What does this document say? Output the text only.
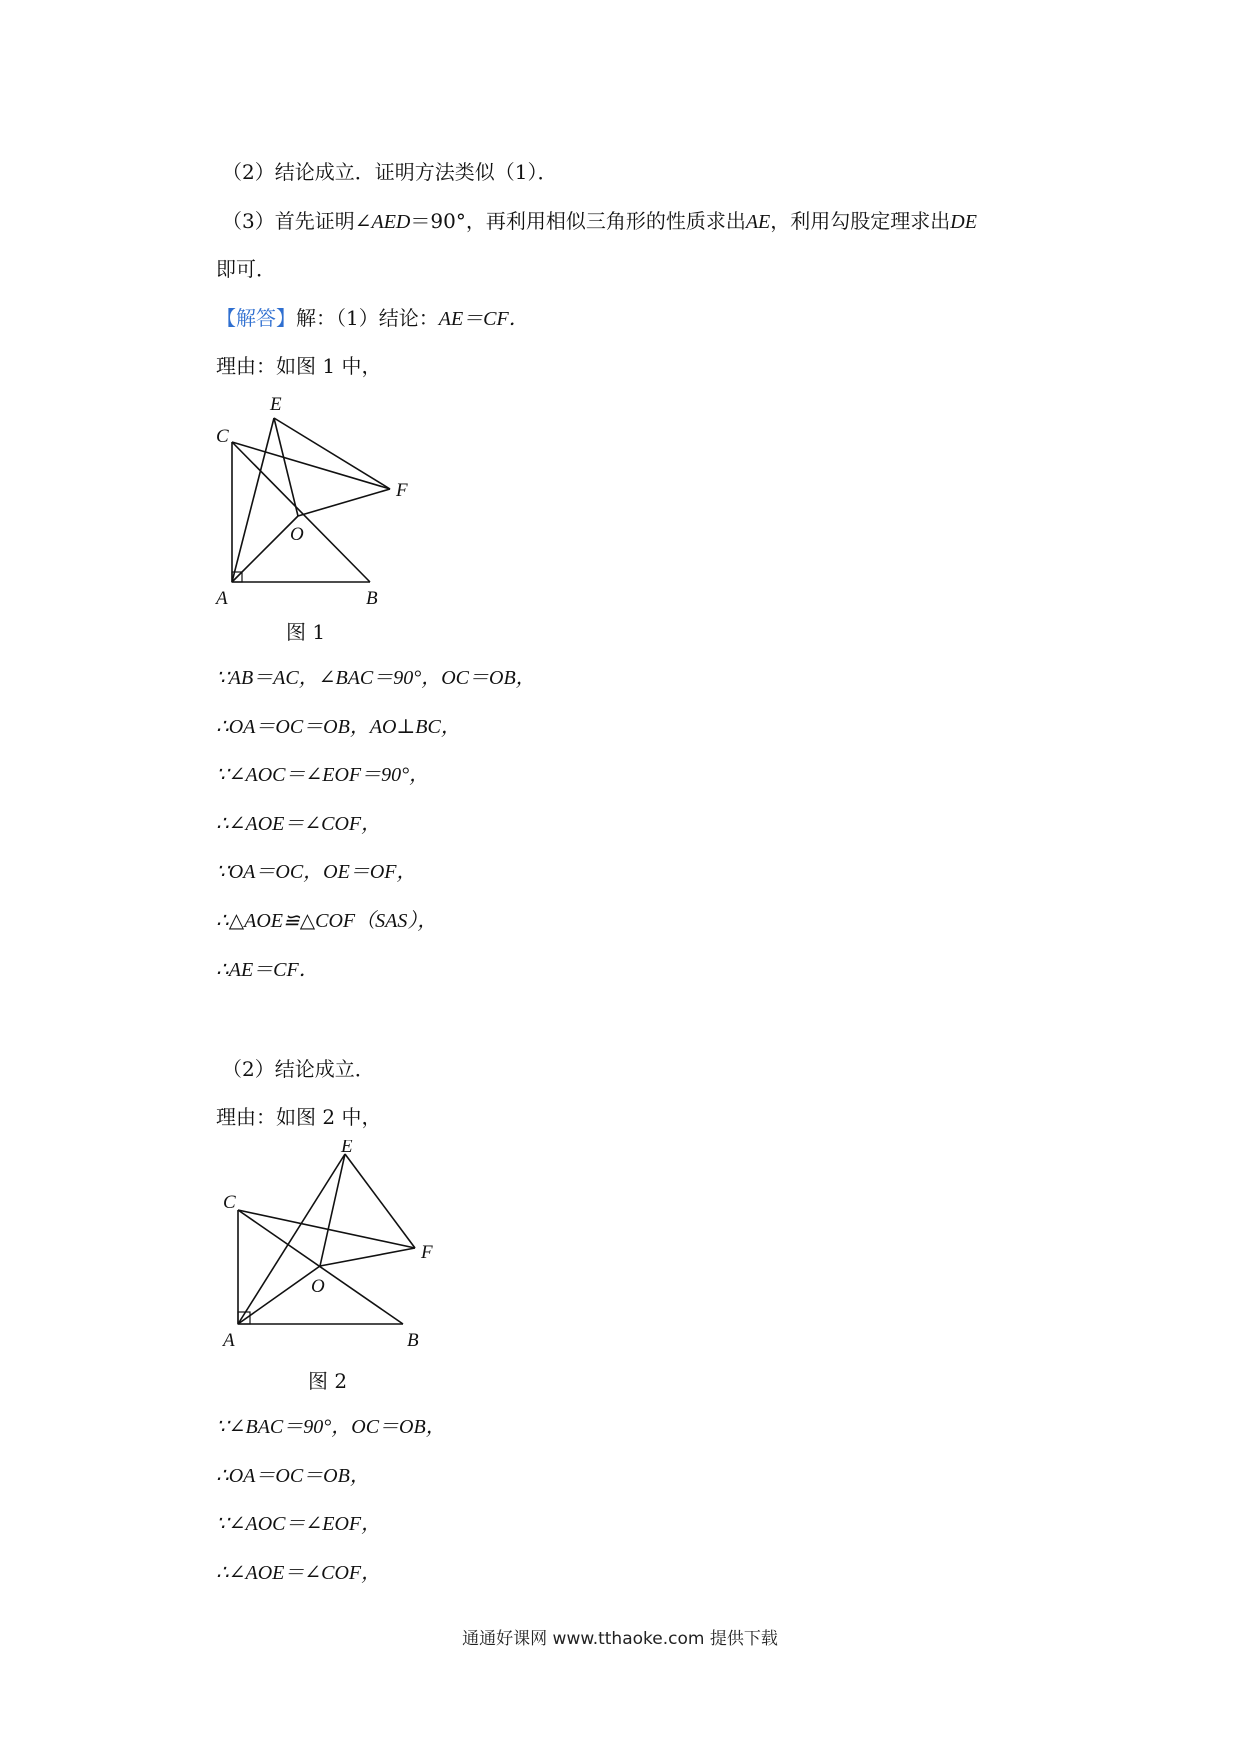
（2）结论成立．证明方法类似（1）．
（3）首先证明∠AED＝90°，再利用相似三角形的性质求出AE，利用勾股定理求出DE
即可．
【解答】解：（1）结论：AE＝CF．
理由：如图 1 中，
A	B
C
E
F
O
图 1
∵AB＝AC，∠BAC＝90°，OC＝OB，
∴OA＝OC＝OB，AO⊥BC，
∵∠AOC＝∠EOF＝90°，
∴∠AOE＝∠COF，
∵OA＝OC，OE＝OF，
∴△AOE≌△COF（SAS），
∴AE＝CF．
（2）结论成立．
理由：如图 2 中，
A	B
C
E
F
O
图 2
∵∠BAC＝90°，OC＝OB，
∴OA＝OC＝OB，
∵∠AOC＝∠EOF，
∴∠AOE＝∠COF，
通通好课网 www.tthaoke.com 提供下载
